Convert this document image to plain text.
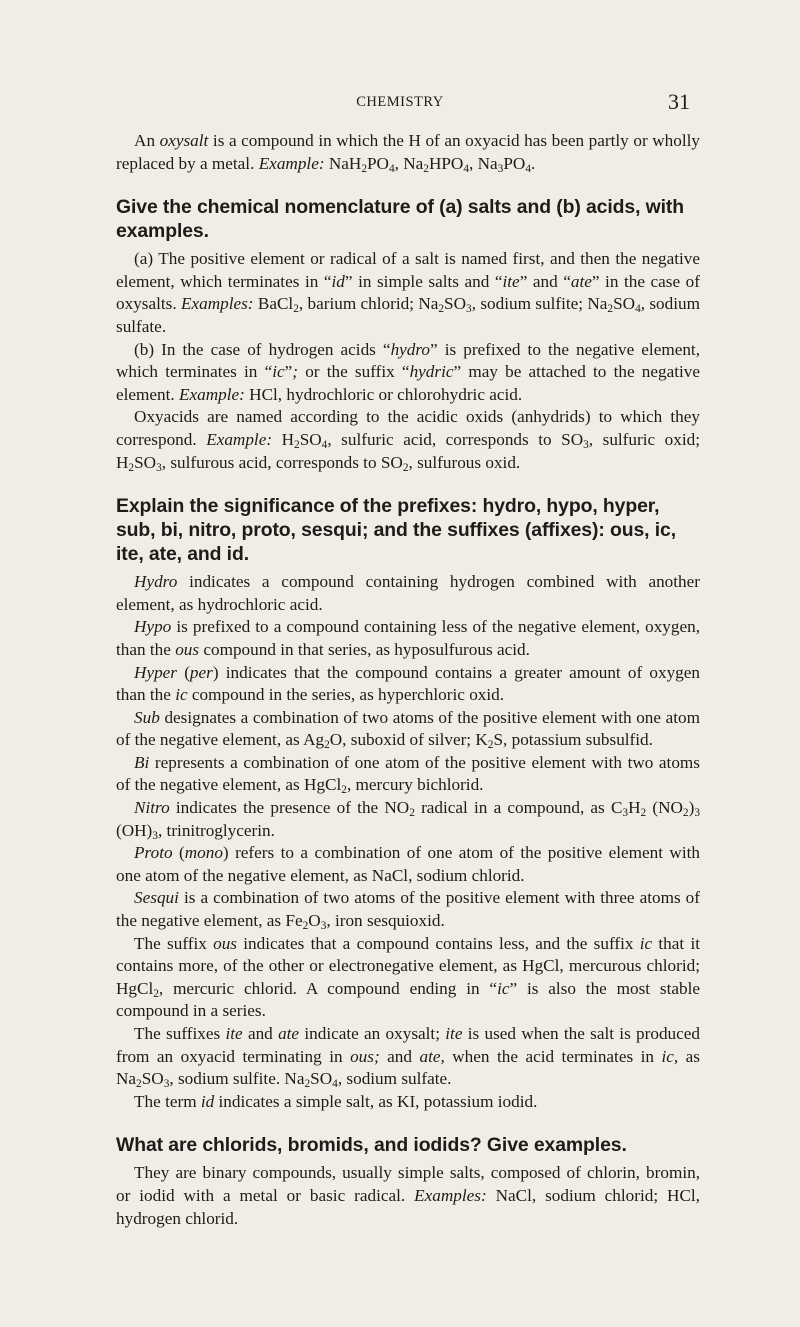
CHEMISTRY	31

An oxysalt is a compound in which the H of an oxyacid has been partly or wholly replaced by a metal. Example: $NaH_2PO_4$, $Na_2HPO_4$, $Na_3PO_4$.

Give the chemical nomenclature of (a) salts and (b) acids, with examples.

(a) The positive element or radical of a salt is named first, and then the negative element, which terminates in “id” in simple salts and “ite” and “ate” in the case of oxysalts. Examples: BaCl$_2$, barium chlorid; $Na_2SO_3$, sodium sulfite; $Na_2SO_4$, sodium sulfate.

(b) In the case of hydrogen acids “hydro” is prefixed to the negative element, which terminates in “ic”; or the suffix “hydric” may be attached to the negative element. Example: HCl, hydrochloric or chlorohydric acid.

Oxyacids are named according to the acidic oxids (anhydrids) to which they correspond. Example: $H_2SO_4$, sulfuric acid, corresponds to $SO_3$, sulfuric oxid; $H_2SO_3$, sulfurous acid, corresponds to $SO_2$, sulfurous oxid.

Explain the significance of the prefixes: hydro, hypo, hyper, sub, bi, nitro, proto, sesqui; and the suffixes (affixes): ous, ic, ite, ate, and id.

Hydro indicates a compound containing hydrogen combined with another element, as hydrochloric acid.

Hypo is prefixed to a compound containing less of the negative element, oxygen, than the ous compound in that series, as hyposulfurous acid.

Hyper (per) indicates that the compound contains a greater amount of oxygen than the ic compound in the series, as hyperchloric oxid.

Sub designates a combination of two atoms of the positive element with one atom of the negative element, as $Ag_2O$, suboxid of silver; $K_2S$, potassium subsulfid.

Bi represents a combination of one atom of the positive element with two atoms of the negative element, as HgCl$_2$, mercury bichlorid.

Nitro indicates the presence of the $NO_2$ radical in a compound, as $C_3H_2$ $(NO_2)_3$ $(OH)_3$, trinitroglycerin.

Proto (mono) refers to a combination of one atom of the positive element with one atom of the negative element, as NaCl, sodium chlorid.

Sesqui is a combination of two atoms of the positive element with three atoms of the negative element, as $Fe_2O_3$, iron sesquioxid.

The suffix ous indicates that a compound contains less, and the suffix ic that it contains more, of the other or electronegative element, as HgCl, mercurous chlorid; HgCl$_2$, mercuric chlorid. A compound ending in “ic” is also the most stable compound in a series.

The suffixes ite and ate indicate an oxysalt; ite is used when the salt is produced from an oxyacid terminating in ous; and ate, when the acid terminates in ic, as $Na_2SO_3$, sodium sulfite. $Na_2SO_4$, sodium sulfate.

The term id indicates a simple salt, as KI, potassium iodid.

What are chlorids, bromids, and iodids? Give examples.

They are binary compounds, usually simple salts, composed of chlorin, bromin, or iodid with a metal or basic radical. Examples: NaCl, sodium chlorid; HCl, hydrogen chlorid.
